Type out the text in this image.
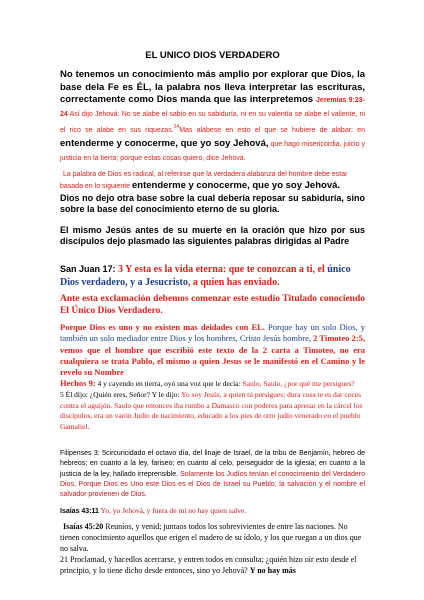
EL UNICO DIOS VERDADERO
No tenemos un conocimiento más amplio por explorar que Dios, la base dela Fe es ÉL, la palabra nos lleva interpretar las escrituras, correctamente como Dios manda que las interpretemos Jeremías 9:23-24 Así dijo Jehová: No se alabe el sabio en su sabiduría, ni en su valentía se alabe el valiente, ni el rico se alabe en sus riquezas.$^{24}$Mas alábese en esto el que se hubiere de alabar: en entenderme y conocerme, que yo soy Jehová, que hago misericordia, juicio y justicia en la tierra; porque estas cosas quiero, dice Jehová.
La palabra de Dios es radical, al referirse que la verdadera alabanza del hombre debe estar basada en lo siguiente entenderme y conocerme, que yo soy Jehová.
Dios no dejo otra base sobre la cual debería reposar su sabiduría, sino sobre la base del conocimiento eterno de su gloria.
El mismo Jesús antes de su muerte en la oración que hizo por sus discípulos dejo plasmado las siguientes palabras dirigidas al Padre
San Juan 17: 3 Y esta es la vida eterna: que te conozcan a ti, el único Dios verdadero, y a Jesucristo, a quien has enviado.
Ante esta exclamación debemos comenzar este estudio Titulado conociendo El Único Dios Verdadero.
Porque Dios es uno y no existen mas deidades con EL. Porque hay un solo Dios, y también un solo mediador entre Dios y los hombres, Cristo Jesús hombre, 2 Timoteo 2:5, vemos que el hombre que escribió este texto de la 2 carta a Timoteo, no era cualquiera se trata Pablo, el mismo a quien Jesus se le manifestó en el Camino y le revelo su Nombre
Hechos 9: 4 y cayendo en tierra, oyó una voz que le decía: Saulo, Saulo, ¿por qué me persigues?
5 Él dijo: ¿Quién eres, Señor? Y le dijo: Yo soy Jesús, a quien tú persigues; dura cosa te es dar coces contra el aguijón. Saulo que entonces iba rumbo a Damasco con poderes para apresar en la cárcel los discípulos, era un varón Judío de nacimiento, educado a los pies de otro judío venerado en el pueblo Gamaliel.
Filipenses 3: 5circuncidado el octavo día, del linaje de Israel, de la tribu de Benjamín, hebreo de hebreos; en cuanto a la ley, fariseo; en cuanto al celo, perseguidor de la iglesia; en cuanto a la justicia de la ley, hallado irreprensible. Solamente los Judíos tenían el conocimiento del Verdadero Dios, Porque Dios es Uno este Dios es el Dios de Israel su Pueblo, la salvación y el nombre el salvador provienen de Dios.
Isaías 43:11 Yo, yo Jehová, y fuera de mí no hay quien salve.
Isaías 45:20 Reuníos, y venid; juntaos todos los sobrevivientes de entre las naciones. No tienen conocimiento aquellos que erigen el madero de su ídolo, y los que ruegan a un dios que no salva.
21 Proclamad, y hacedlos acercarse, y entren todos en consulta; ¿quién hizo oír esto desde el principio, y lo tiene dicho desde entonces, sino yo Jehová? Y no hay más
